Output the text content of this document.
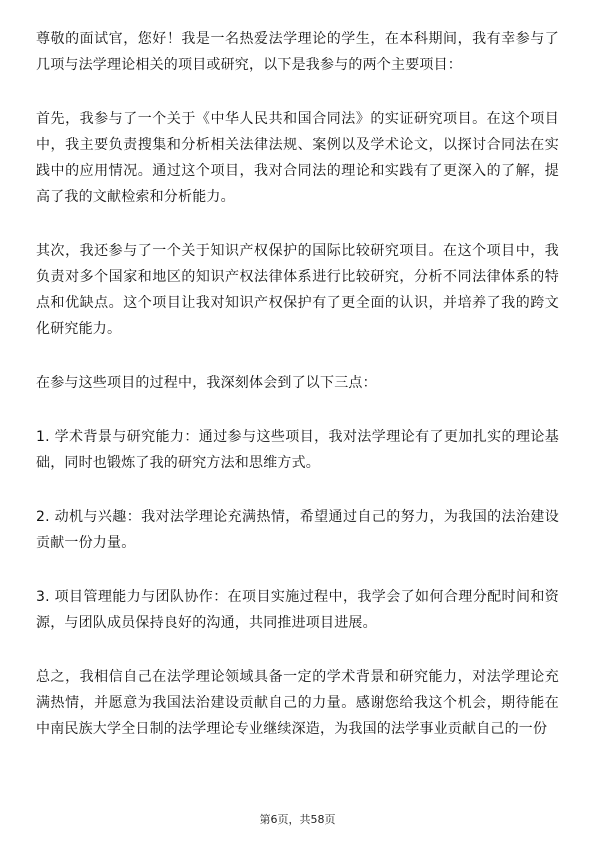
尊敬的面试官，您好！我是一名热爱法学理论的学生，在本科期间，我有幸参与了几项与法学理论相关的项目或研究，以下是我参与的两个主要项目：

首先，我参与了一个关于《中华人民共和国合同法》的实证研究项目。在这个项目中，我主要负责搜集和分析相关法律法规、案例以及学术论文，以探讨合同法在实践中的应用情况。通过这个项目，我对合同法的理论和实践有了更深入的了解，提高了我的文献检索和分析能力。

其次，我还参与了一个关于知识产权保护的国际比较研究项目。在这个项目中，我负责对多个国家和地区的知识产权法律体系进行比较研究，分析不同法律体系的特点和优缺点。这个项目让我对知识产权保护有了更全面的认识，并培养了我的跨文化研究能力。

在参与这些项目的过程中，我深刻体会到了以下三点：

1. 学术背景与研究能力：通过参与这些项目，我对法学理论有了更加扎实的理论基础，同时也锻炼了我的研究方法和思维方式。

2. 动机与兴趣：我对法学理论充满热情，希望通过自己的努力，为我国的法治建设贡献一份力量。

3. 项目管理能力与团队协作：在项目实施过程中，我学会了如何合理分配时间和资源，与团队成员保持良好的沟通，共同推进项目进展。

总之，我相信自己在法学理论领域具备一定的学术背景和研究能力，对法学理论充满热情，并愿意为我国法治建设贡献自己的力量。感谢您给我这个机会，期待能在中南民族大学全日制的法学理论专业继续深造，为我国的法学事业贡献自己的一份

第6页，共58页
